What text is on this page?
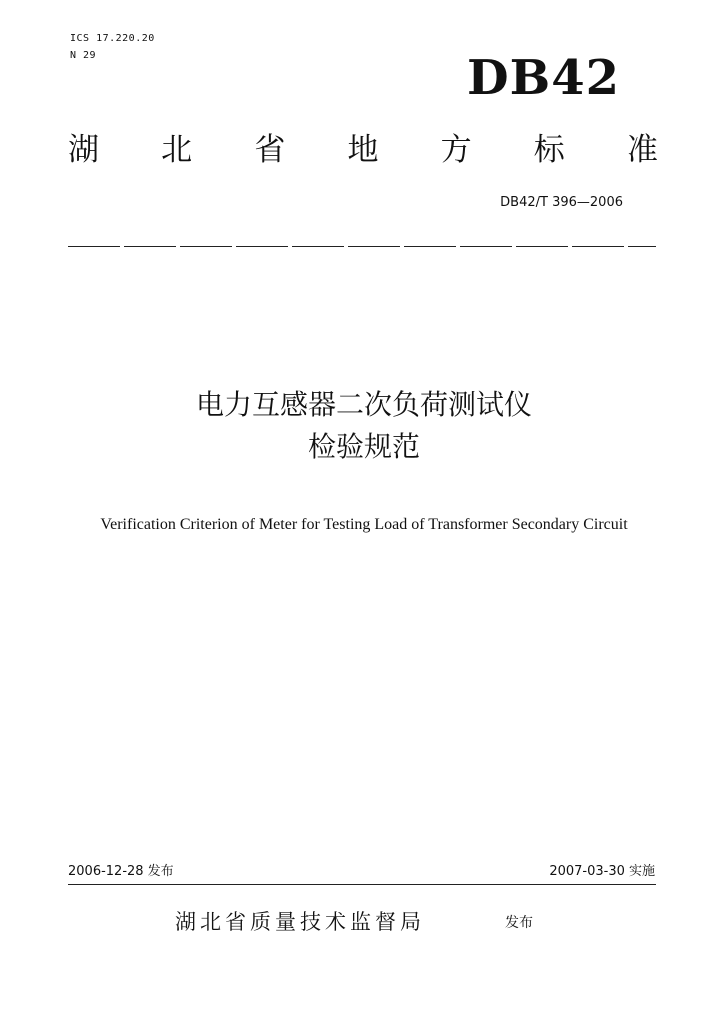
ICS 17.220.20
N 29	DB42
湖 北 省 地 方 标 准
DB42/T 396—2006
电力互感器二次负荷测试仪
检验规范
Verification Criterion of Meter for Testing Load of Transformer Secondary Circuit
2006-12-28 发布	2007-03-30 实施
湖北省质量技术监督局	发布
